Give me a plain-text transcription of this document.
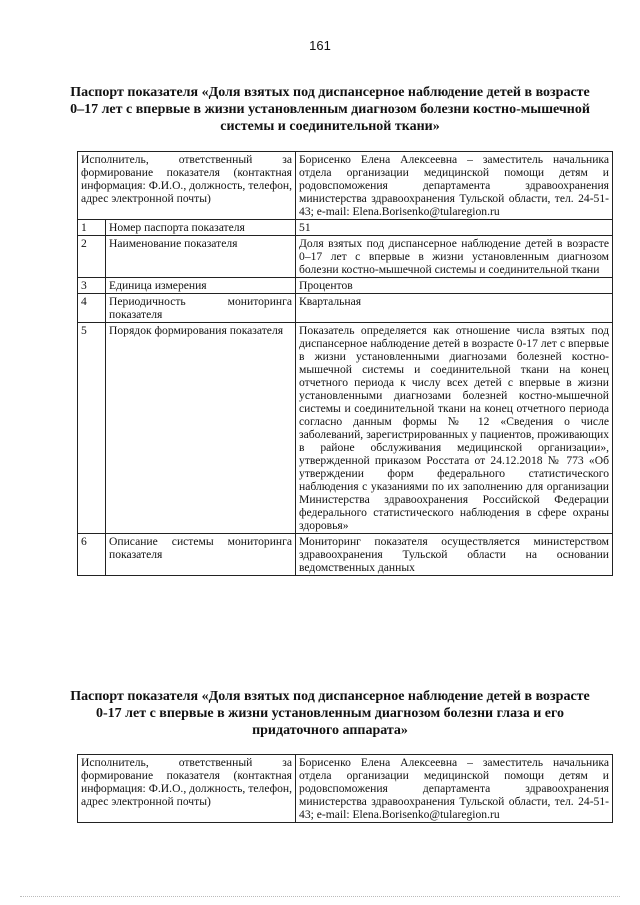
161
Паспорт показателя «Доля взятых под диспансерное наблюдение детей в возрасте 0–17 лет с впервые в жизни установленным диагнозом болезни костно-мышечной системы и соединительной ткани»
Исполнитель, ответственный за формирование показателя (контактная информация: Ф.И.О., должность, телефон, адрес электронной почты)		Борисенко Елена Алексеевна – заместитель начальника отдела организации медицинской помощи детям и родовспоможения департамента здравоохранения министерства здравоохранения Тульской области, тел. 24-51-43; e-mail: Elena.Borisenko@tularegion.ru
1	Номер паспорта показателя	51
2	Наименование показателя	Доля взятых под диспансерное наблюдение детей в возрасте 0–17 лет с впервые в жизни установленным диагнозом болезни костно-мышечной системы и соединительной ткани
3	Единица измерения	Процентов
4	Периодичность мониторинга показателя	Квартальная
5	Порядок формирования показателя	Показатель определяется как отношение числа взятых под диспансерное наблюдение детей в возрасте 0-17 лет с впервые в жизни установленными диагнозами болезней костно-мышечной системы и соединительной ткани на конец отчетного периода к числу всех детей с впервые в жизни установленными диагнозами болезней костно-мышечной системы и соединительной ткани на конец отчетного периода согласно данным формы № 12 «Сведения о числе заболеваний, зарегистрированных у пациентов, проживающих в районе обслуживания медицинской организации», утвержденной приказом Росстата от 24.12.2018 № 773 «Об утверждении форм федерального статистического наблюдения с указаниями по их заполнению для организации Министерства здравоохранения Российской Федерации федерального статистического наблюдения в сфере охраны здоровья»
6	Описание системы мониторинга показателя	Мониторинг показателя осуществляется министерством здравоохранения Тульской области на основании ведомственных данных
Паспорт показателя «Доля взятых под диспансерное наблюдение детей в возрасте 0-17 лет с впервые в жизни установленным диагнозом болезни глаза и его придаточного аппарата»
Исполнитель, ответственный за формирование показателя (контактная информация: Ф.И.О., должность, телефон, адрес электронной почты)	Борисенко Елена Алексеевна – заместитель начальника отдела организации медицинской помощи детям и родовспоможения департамента здравоохранения министерства здравоохранения Тульской области, тел. 24-51-43; e-mail: Elena.Borisenko@tularegion.ru
